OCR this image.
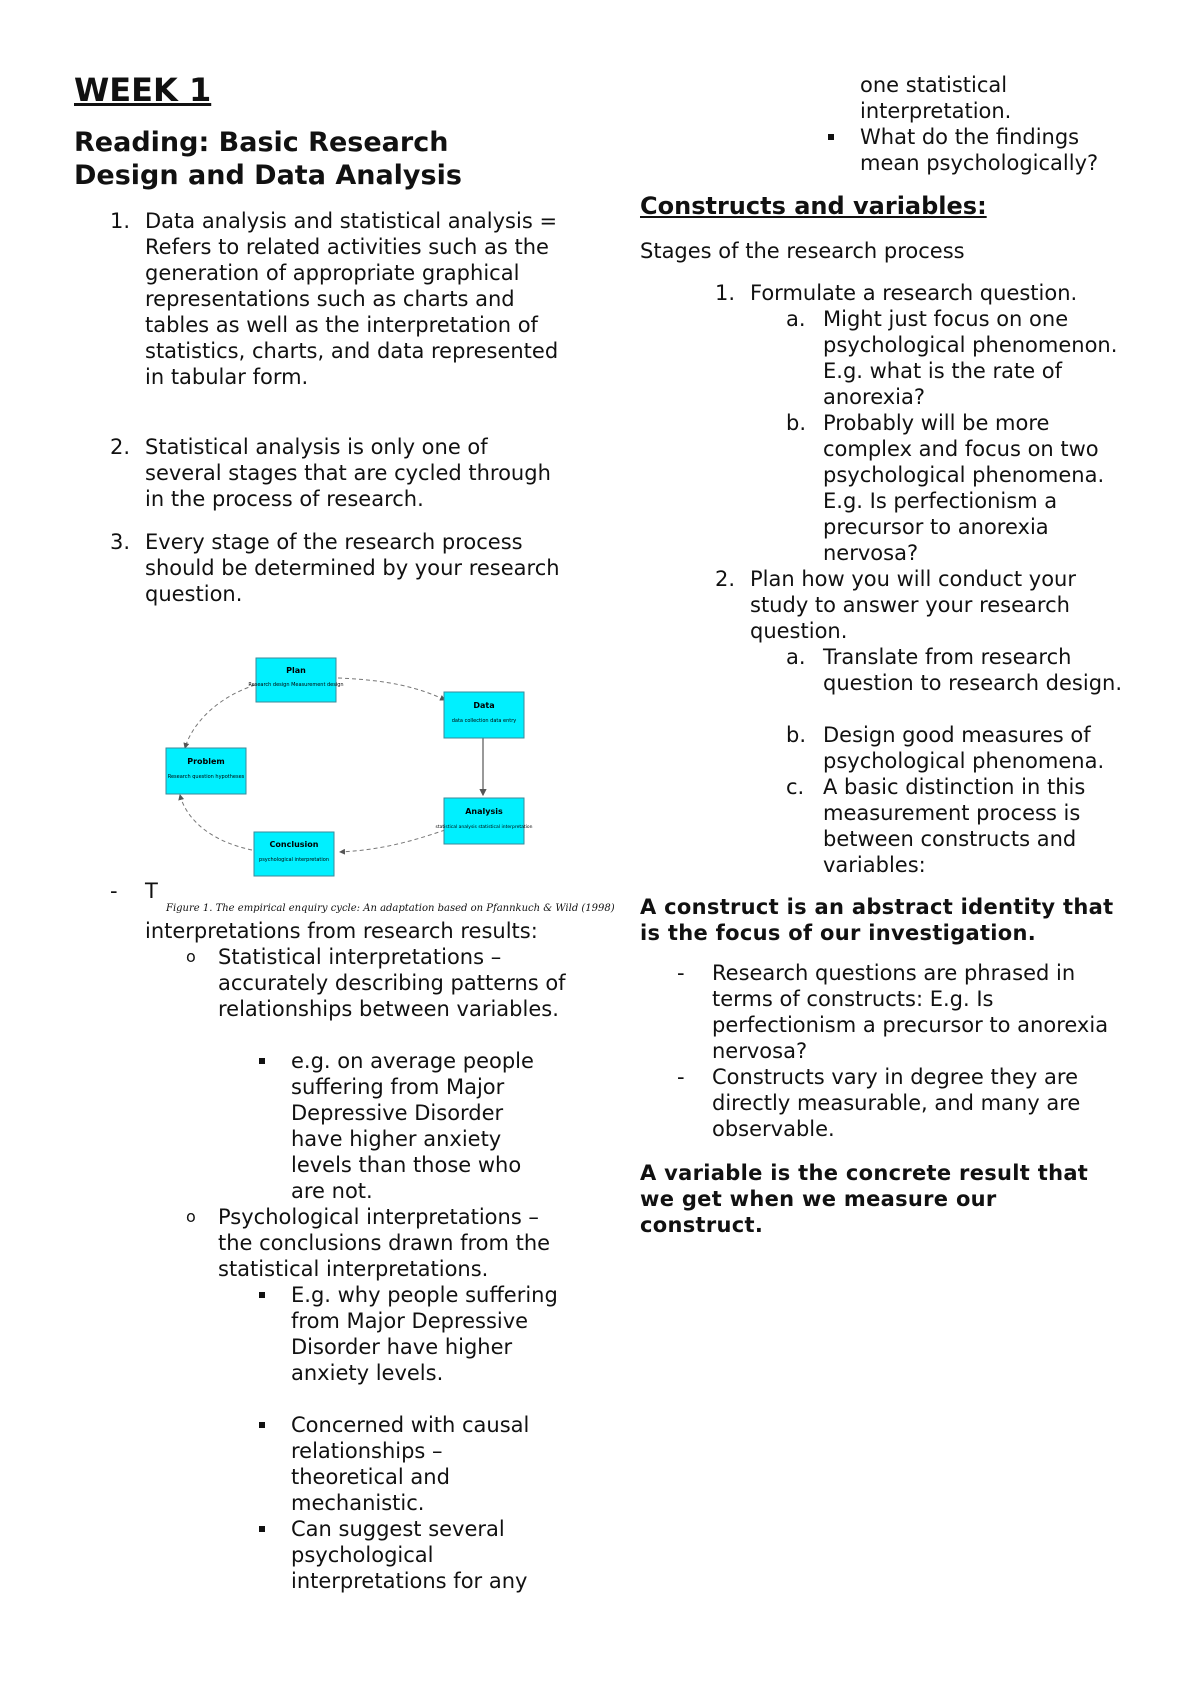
WEEK 1
Reading: Basic Research Design and Data Analysis
1. Data analysis and statistical analysis = Refers to related activities such as the generation of appropriate graphical representations such as charts and tables as well as the interpretation of statistics, charts, and data represented in tabular form.
2. Statistical analysis is only one of several stages that are cycled through in the process of research.
3. Every stage of the research process should be determined by your research question.
Plan
Research design Measurement design
Data
data collection data entry
Problem
Research question hypotheses
Analysis
statistical analysis statistical interpretation
Conclusion
psychological interpretation
Figure 1. The empirical enquiry cycle: An adaptation based on Pfannkuch & Wild (1998)
- T
interpretations from research results:
o Statistical interpretations – accurately describing patterns of relationships between variables.
e.g. on average people suffering from Major Depressive Disorder have higher anxiety levels than those who are not.
o Psychological interpretations – the conclusions drawn from the statistical interpretations.
E.g. why people suffering from Major Depressive Disorder have higher anxiety levels.
Concerned with causal relationships – theoretical and mechanistic.
Can suggest several psychological interpretations for any
one statistical interpretation.
What do the findings mean psychologically?
Constructs and variables:
Stages of the research process
1. Formulate a research question.
a. Might just focus on one psychological phenomenon. E.g. what is the rate of anorexia?
b. Probably will be more complex and focus on two psychological phenomena. E.g. Is perfectionism a precursor to anorexia nervosa?
2. Plan how you will conduct your study to answer your research question.
a. Translate from research question to research design.
b. Design good measures of psychological phenomena.
c. A basic distinction in this measurement process is between constructs and variables:

A construct is an abstract identity that is the focus of our investigation.

- Research questions are phrased in terms of constructs: E.g. Is perfectionism a precursor to anorexia nervosa?
- Constructs vary in degree they are directly measurable, and many are observable.

A variable is the concrete result that we get when we measure our construct.
